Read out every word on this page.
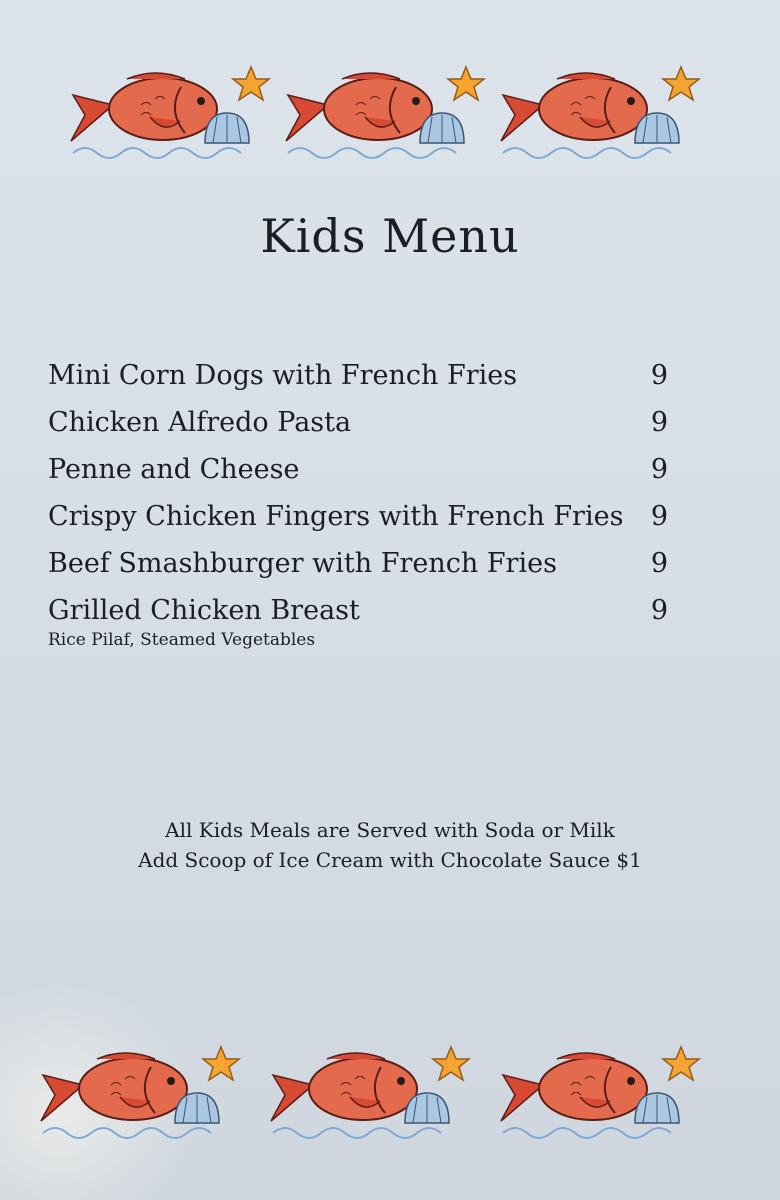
Kids Menu
Mini Corn Dogs with French Fries	9
Chicken Alfredo Pasta	9
Penne and Cheese	9
Crispy Chicken Fingers with French Fries 9
Beef Smashburger with French Fries	9
Grilled Chicken Breast	9
Rice Pilaf, Steamed Vegetables
All Kids Meals are Served with Soda or Milk
Add Scoop of Ice Cream with Chocolate Sauce $1
